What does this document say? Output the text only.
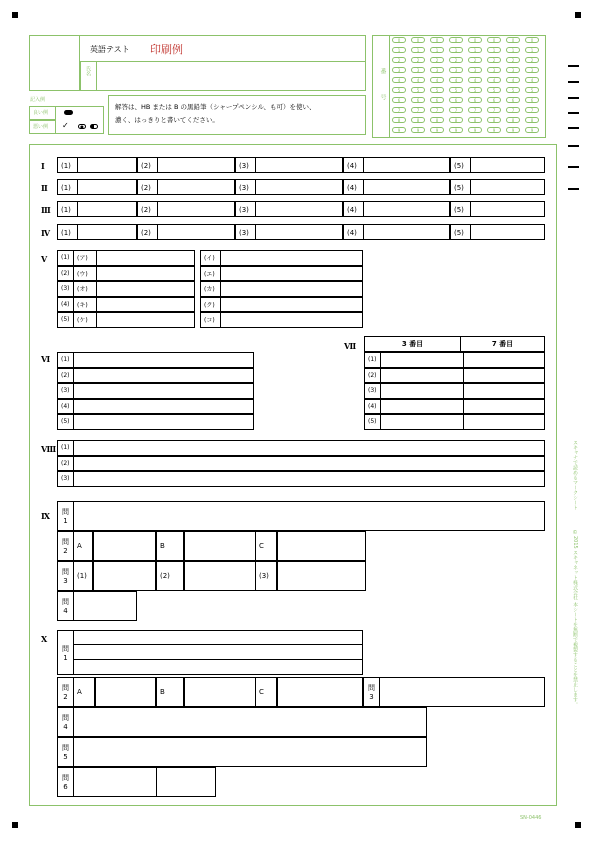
英語テスト 印刷例
氏名	番
号
0	0	0	0	0	0	0	0
1	1	1	1	1	1	1	1
2	2	2	2	2	2	2	2
3	3	3	3	3	3	3	3
4	4	4	4	4	4	4	4
5	5	5	5	5	5	5	5
6	6	6	6	6	6	6	6
7	7	7	7	7	7	7	7
8	8	8	8	8	8	8	8
9	9	9	9	9	9	9	9
記入例
良い例
悪い例 ✓	●
解答は、HB または B の黒鉛筆（シャープペンシル、も可）を使い、
濃く、はっきりと書いてください。
スキャナで読めるマークシート
©2015 スキャネット株式会社 本シートを無断で複製することを禁止します。
SN-0446
Ⅰ (1)	(2)	(3)	(4)	(5)
Ⅱ (1)	(2)	(3)	(4)	(5)
Ⅲ (1)	(2)	(3)	(4)	(5)
Ⅳ (1)	(2)	(3)	(4)	(5)
Ⅴ	(1)	(ア)	(イ)
(2)	(ウ)	(エ)
(3)	(オ)	(カ)
(4)	(キ)	(ク)
(5)	(ケ)	(コ)
Ⅵ	(1)
(2)
(3)
(4)
(5)
Ⅶ	3 番目	7 番目
(1)
(2)
(3)
(4)
(5)
Ⅷ (1)
(2)
(3)
Ⅸ 問
1
問
2
A	B	C
問
3
(1)	(2)	(3)
問
4
Ⅹ
問
1
問
2
A	B	C	問
3
問
4
問
5
問
6
